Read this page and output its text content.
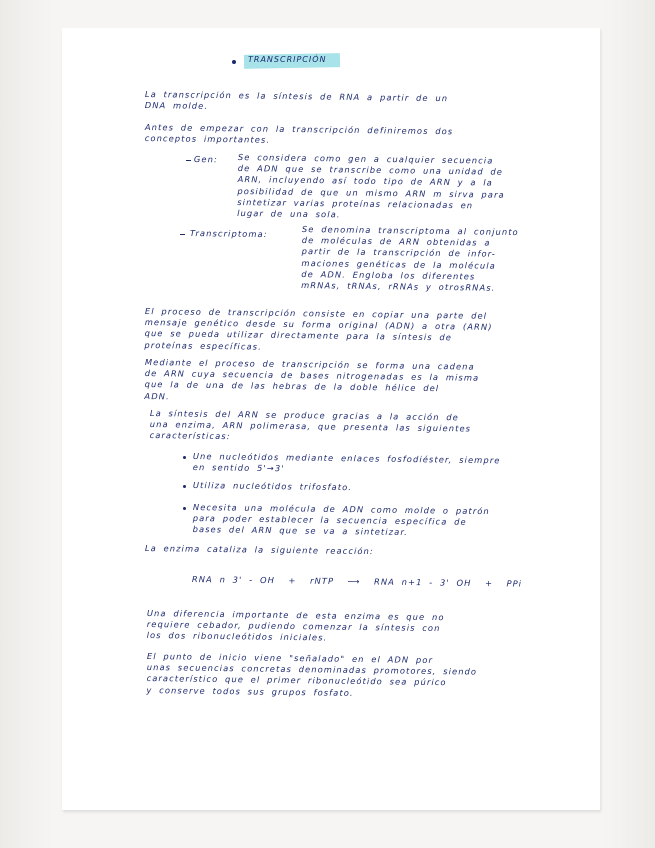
TRANSCRIPCIÓN
La transcripción es la síntesis de RNA a partir de un
DNA molde.
Antes de empezar con la transcripción definiremos dos
conceptos importantes.
Gen: Se considera como gen a cualquier secuencia
de ADN que se transcribe como una unidad de
ARN, incluyendo así todo tipo de ARN y a la
posibilidad de que un mismo ARN m sirva para
sintetizar varias proteínas relacionadas en
lugar de una sola.
Transcriptoma:	Se denomina transcriptoma al conjunto
de moléculas de ARN obtenidas a
partir de la transcripción de infor-
maciones genéticas de la molécula
de ADN. Engloba los diferentes
mRNAs, tRNAs, rRNAs y otrosRNAs.
El proceso de transcripción consiste en copiar una parte del
mensaje genético desde su forma original (ADN) a otra (ARN)
que se pueda utilizar directamente para la síntesis de
proteínas específicas.
Mediante el proceso de transcripción se forma una cadena
de ARN cuya secuencia de bases nitrogenadas es la misma
que la de una de las hebras de la doble hélice del
ADN.
La síntesis del ARN se produce gracias a la acción de
una enzima, ARN polimerasa, que presenta las siguientes
características:
Une nucleótidos mediante enlaces fosfodiéster, siempre
en sentido 5'→3'
Utiliza nucleótidos trifosfato.
Necesita una molécula de ADN como molde o patrón
para poder establecer la secuencia específica de
bases del ARN que se va a sintetizar.
La enzima cataliza la siguiente reacción:
RNA n 3' - OH  +  rNTP  ⟶  RNA n+1 - 3' OH  +  PPi
Una diferencia importante de esta enzima es que no
requiere cebador, pudiendo comenzar la síntesis con
los dos ribonucleótidos iniciales.
El punto de inicio viene "señalado" en el ADN por
unas secuencias concretas denominadas promotores, siendo
característico que el primer ribonucleótido sea púrico
y conserve todos sus grupos fosfato.
